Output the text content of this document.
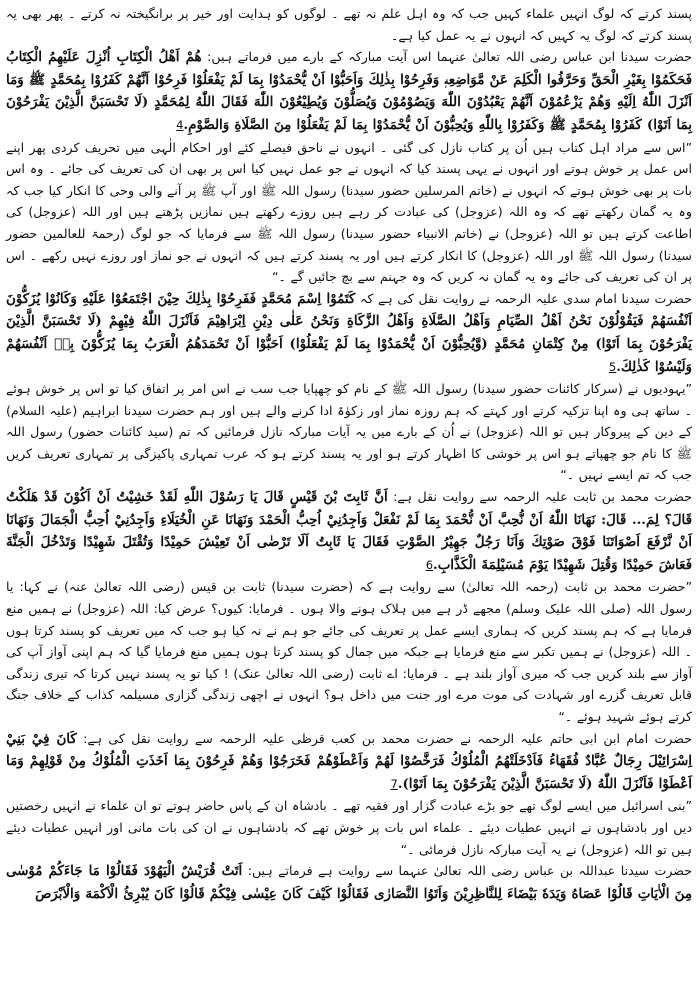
پسند کرتے کہ لوگ انہیں علماء کہیں جب کہ وہ اہل علم نہ تھے ۔ لوگوں کو ہدایت اور خیر پر برانگیختہ نہ کرتے ۔ پھر بھی یہ پسند کرتے کہ لوگ یہ کہیں کہ انہوں نے یہ عمل کیا ہے۔

حضرت سیدنا ابن عباس رضی اللہ تعالیٰ عنہما اس آیت مبارکہ کے بارے میں فرماتے ہیں: هُمْ اَهْلُ الْكِتَابِ اُنْزِلَ عَلَيْهِمُ الْكِتَابُ فَحَكَمُوْا بِغَيْرِ الْحَقِّ وَحَرَّفُوا الْكَلِمَ عَنْ مَّوَاضِعِهٖ وَفَرِحُوْا بِذٰلِكَ وَاَحَبُّوْا اَنْ يُّحْمَدُوْا بِمَا لَمْ يَفْعَلُوْا فَرِحُوْا اَنَّهُمْ كَفَرُوْا بِمُحَمَّدٍ ﷺ وَمَا اَنْزَلَ اللّٰهُ اِلَيْهِ وَهُمْ يَزْعُمُوْنَ اَنَّهُمْ يَعْبُدُوْنَ اللّٰهَ وَيَصُوْمُوْنَ وَيُصَلُّوْنَ وَيُطِيْعُوْنَ اللّٰهَ فَقَالَ اللّٰهُ لِمُحَمَّدٍ (لَا تَحْسَبَنَّ الَّذِيْنَ يَفْرَحُوْنَ بِمَا اَتَوْا) كَفَرُوْا بِمُحَمَّدٍ ﷺ وَكَفَرُوْا بِاللّٰهِ وَيُحِبُّوْنَ اَنْ يُّحْمَدُوْا بِمَا لَمْ يَفْعَلُوْا مِنَ الصَّلَاةِ وَالصَّوْمِ.4

”اس سے مراد اہل کتاب ہیں اُن پر کتاب نازل کی گئی ۔ انہوں نے ناحق فیصلے کئے اور احکام الٰہی میں تحریف کردی پھر اپنے اس عمل پر خوش ہوتے اور انہوں نے یہی پسند کیا کہ انہوں نے جو عمل نہیں کیا اس پر بھی ان کی تعریف کی جائے ۔ وہ اس بات پر بھی خوش ہوتے کہ انہوں نے (خاتم المرسلین حضور سیدنا) رسول اللہ ﷺ اور آپ ﷺ پر آنے والی وحی کا انکار کیا جب کہ وہ یہ گمان رکھتے تھے کہ وہ اللہ (عزوجل) کی عبادت کر رہے ہیں روزے رکھتے ہیں نمازیں پڑھتے ہیں اور اللہ (عزوجل) کی اطاعت کرتے ہیں تو اللہ (عزوجل) نے (خاتم الانبیاء حضور سیدنا) رسول اللہ ﷺ سے فرمایا کہ جو لوگ (رحمۃ للعالمین حضور سیدنا) رسول اللہ ﷺ اور اللہ (عزوجل) کا انکار کرتے ہیں اور یہ پسند کرتے ہیں کہ انہوں نے جو نماز اور روزے نہیں رکھے ۔ اس پر ان کی تعریف کی جائے وہ یہ گمان نہ کریں کہ وہ جہنم سے بچ جائیں گے ۔“

حضرت سیدنا امام سدی علیہ الرحمہ نے روایت نقل کی ہے کہ كَتَمُوْا اِسْمَ مُحَمَّدٍ فَفَرِحُوْا بِذٰلِكَ حِيْنَ اجْتَمَعُوْا عَلَيْهِ وَكَانُوْا يُزَكُّوْنَ اَنْفُسَهُمْ فَيَقُوْلُوْنَ نَحْنُ اَهْلُ الصِّيَامِ وَاَهْلُ الصَّلَاةِ وَاَهْلُ الزَّكَاةِ وَنَحْنُ عَلٰى دِيْنِ اِبْرَاهِيْمَ فَاَنْزَلَ اللّٰهُ فِيْهِمْ (لَا تَحْسَبَنَّ الَّذِيْنَ يَفْرَحُوْنَ بِمَا اَتَوْا) مِنْ كِتْمَانِ مُحَمَّدٍ (وَّيُحِبُّوْنَ اَنْ يُّحْمَدُوْا بِمَا لَمْ يَفْعَلُوْا) اَحَبُّوْا اَنْ تَحْمَدَهُمُ الْعَرَبُ بِمَا يُزَكُّوْنَ بِهٖ اَنْفُسَهُمْ وَلَيْسُوْا كَذٰلِكَ.5

”یہودیوں نے (سرکار کائنات حضور سیدنا) رسول اللہ ﷺ کے نام کو چھپایا جب سب نے اس امر پر اتفاق کیا تو اس پر خوش ہوئے ۔ ساتھ ہی وہ اپنا تزکیہ کرتے اور کہتے کہ ہم روزہ نماز اور زکوٰۃ ادا کرنے والے ہیں اور ہم حضرت سیدنا ابراہیم (علیہ السلام) کے دین کے پیروکار ہیں تو اللہ (عزوجل) نے اُن کے بارے میں یہ آیات مبارکہ نازل فرمائیں کہ تم (سید کائنات حضور) رسول اللہ ﷺ کا نام جو چھپاتے ہو اس پر خوشی کا اظہار کرتے ہو اور یہ پسند کرتے ہو کہ عرب تمہاری پاکیزگی پر تمہاری تعریف کریں جب کہ تم ایسے نہیں ۔“

حضرت محمد بن ثابت علیہ الرحمہ سے روایت نقل ہے: اَنَّ ثَابِتَ بْنَ قَيْسٍ قَالَ يَا رَسُوْلَ اللّٰهِ لَقَدْ خَشِيْتُ اَنْ اَكُوْنَ قَدْ هَلَكْتُ قَالَ؟ لِمَ... قَالَ: نَهَانَا اللّٰهُ اَنْ نُّحِبَّ اَنْ نُّحْمَدَ بِمَا لَمْ نَفْعَلْ وَاَجِدُنِيْ اُحِبُّ الْحَمْدَ وَنَهَانَا عَنِ الْخُيَلَاءِ وَاَجِدُنِيْ اُحِبُّ الْجَمَالَ وَنَهَانَا اَنْ نَّرْفَعَ اَصْوَاتَنَا فَوْقَ صَوْتِكَ وَاَنَا رَجُلٌ جَهِيْرُ الصَّوْتِ فَقَالَ يَا ثَابِتُ اَلَا تَرْضٰى اَنْ تَعِيْشَ حَمِيْدًا وَتُقْتَلَ شَهِيْدًا وَتَدْخُلَ الْجَنَّةَ فَعَاشَ حَمِيْدًا وَقُتِلَ شَهِيْدًا يَوْمَ مُسَيْلِمَةَ الْكَذَّابِ.6

”حضرت محمد بن ثابت (رحمہ اللہ تعالیٰ) سے روایت ہے کہ (حضرت سیدنا) ثابت بن قیس (رضی اللہ تعالیٰ عنہ) نے کہا: یا رسول اللہ (صلی اللہ علیک وسلم) مجھے ڈر ہے میں ہلاک ہونے والا ہوں ۔ فرمایا: کیوں؟ عرض کیا: اللہ (عزوجل) نے ہمیں منع فرمایا ہے کہ ہم پسند کریں کہ ہماری ایسے عمل پر تعریف کی جائے جو ہم نے نہ کیا ہو جب کہ میں تعریف کو پسند کرتا ہوں ۔ اللہ (عزوجل) نے ہمیں تکبر سے منع فرمایا ہے جبکہ میں جمال کو پسند کرتا ہوں ہمیں منع فرمایا گیا کہ ہم اپنی آواز آپ کی آواز سے بلند کریں جب کہ میری آواز بلند ہے ۔ فرمایا: اے ثابت (رضی اللہ تعالیٰ عنک) ! کیا تو یہ پسند نہیں کرتا کہ تیری زندگی قابل تعریف گزرے اور شہادت کی موت مرے اور جنت میں داخل ہو؟ انہوں نے اچھی زندگی گزاری مسیلمہ کذاب کے خلاف جنگ کرتے ہوئے شہید ہوئے ۔“

حضرت امام ابن ابی حاتم علیہ الرحمہ نے حضرت محمد بن کعب قرظی علیہ الرحمہ سے روایت نقل کی ہے: كَانَ فِيْ بَنِيْ اِسْرَائِيْلَ رِجَالٌ عُبَّادٌ فُقَهَاءُ فَاَدْخَلَتْهُمُ الْمُلُوْكُ فَرَخَّصُوْا لَهُمْ وَاَعْطَوْهُمْ فَخَرَجُوْا وَهُمْ فَرِحُوْنَ بِمَا اَخَذَتِ الْمُلُوْكُ مِنْ قَوْلِهِمْ وَمَا اَعْطَوْا فَاَنْزَلَ اللّٰهُ (لَا تَحْسَبَنَّ الَّذِيْنَ يَفْرَحُوْنَ بِمَا اَتَوْا).7

”بنی اسرائیل میں ایسے لوگ تھے جو بڑے عبادت گزار اور فقیہ تھے ۔ بادشاہ ان کے پاس حاضر ہوتے تو ان علماء نے انہیں رخصتیں دیں اور بادشاہوں نے انہیں عطیات دیئے ۔ علماء اس بات پر خوش تھے کہ بادشاہوں نے ان کی بات مانی اور انہیں عطیات دیئے ہیں تو اللہ (عزوجل) نے یہ آیت مبارکہ نازل فرمائی ۔“

حضرت سیدنا عبداللہ بن عباس رضی اللہ تعالیٰ عنہما سے روایت ہے فرماتے ہیں: اَتَتْ قُرَيْشٌ الْيَهُوْدَ فَقَالُوْا مَا جَاءَكُمْ مُوْسٰى مِنَ الْاٰيَاتِ قَالُوْا عَصَاهُ وَيَدَهٗ بَيْضَاءَ لِلنَّاظِرِيْنَ وَاَتَوُا النَّصَارٰى فَقَالُوْا كَيْفَ كَانَ عِيْسٰى فِيْكُمْ قَالُوْا كَانَ يُبْرِئُ الْاَكْمَهَ وَالْاَبْرَصَ
